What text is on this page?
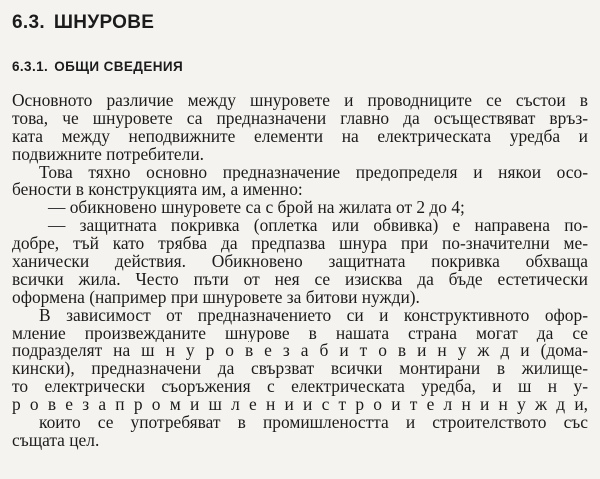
6.3. ШНУРОВЕ
6.3.1. ОБЩИ СВЕДЕНИЯ
Основното различие между шнуровете и проводниците се състои в
това, че шнуровете са предназначени главно да осъществяват връз-
ката между неподвижните елементи на електрическата уредба и
подвижните потребители.
Това тяхно основно предназначение предопределя и някои осо-
бености в конструкцията им, а именно:
— обикновено шнуровете са с брой на жилата от 2 до 4;
— защитната покривка (оплетка или обвивка) е направена по-
добре, тъй като трябва да предпазва шнура при по-значителни ме-
ханически действия. Обикновено защитната покривка обхваща
всички жила. Често пъти от нея се изисква да бъде естетически
оформена (например при шнуровете за битови нужди).
В зависимост от предназначението си и конструктивното офор-
мление произвежданите шнурове в нашата страна могат да се
подразделят на ш н у р о в е з а б и т о в и н у ж д и (дома-
кински), предназначени да свързват всички монтирани в жилище-
то електрически съоръжения с електрическата уредба, и ш н у-
р о в е з а п р о м и ш л е н и и с т р о и т е л н и н у ж д и,
които се употребяват в промишлеността и строителството със
същата цел.
